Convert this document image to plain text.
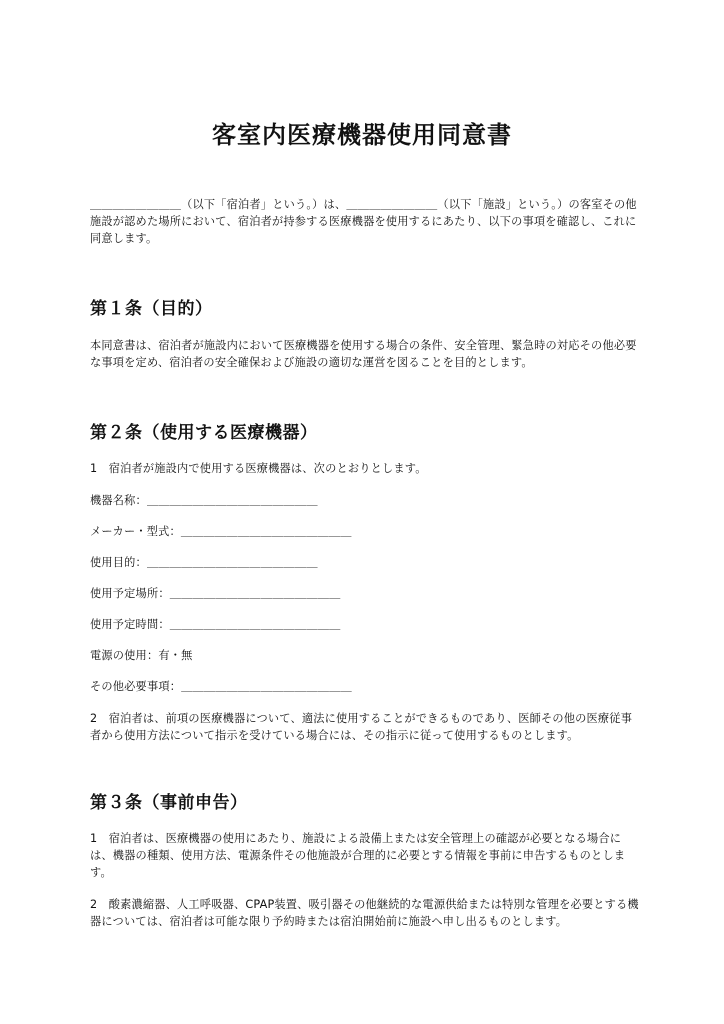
客室内医療機器使用同意書
＿＿＿＿＿＿＿＿（以下「宿泊者」という。）は、＿＿＿＿＿＿＿＿（以下「施設」という。）の客室その他施設が認めた場所において、宿泊者が持参する医療機器を使用するにあたり、以下の事項を確認し、これに同意します。
第１条（目的）
本同意書は、宿泊者が施設内において医療機器を使用する場合の条件、安全管理、緊急時の対応その他必要な事項を定め、宿泊者の安全確保および施設の適切な運営を図ることを目的とします。
第２条（使用する医療機器）
1　宿泊者が施設内で使用する医療機器は、次のとおりとします。
機器名称：＿＿＿＿＿＿＿＿＿＿＿＿＿＿＿
メーカー・型式：＿＿＿＿＿＿＿＿＿＿＿＿＿＿＿
使用目的：＿＿＿＿＿＿＿＿＿＿＿＿＿＿＿
使用予定場所：＿＿＿＿＿＿＿＿＿＿＿＿＿＿＿
使用予定時間：＿＿＿＿＿＿＿＿＿＿＿＿＿＿＿
電源の使用：有・無
その他必要事項：＿＿＿＿＿＿＿＿＿＿＿＿＿＿＿
2　宿泊者は、前項の医療機器について、適法に使用することができるものであり、医師その他の医療従事者から使用方法について指示を受けている場合には、その指示に従って使用するものとします。
第３条（事前申告）
1　宿泊者は、医療機器の使用にあたり、施設による設備上または安全管理上の確認が必要となる場合には、機器の種類、使用方法、電源条件その他施設が合理的に必要とする情報を事前に申告するものとします。
2　酸素濃縮器、人工呼吸器、CPAP装置、吸引器その他継続的な電源供給または特別な管理を必要とする機器については、宿泊者は可能な限り予約時または宿泊開始前に施設へ申し出るものとします。
